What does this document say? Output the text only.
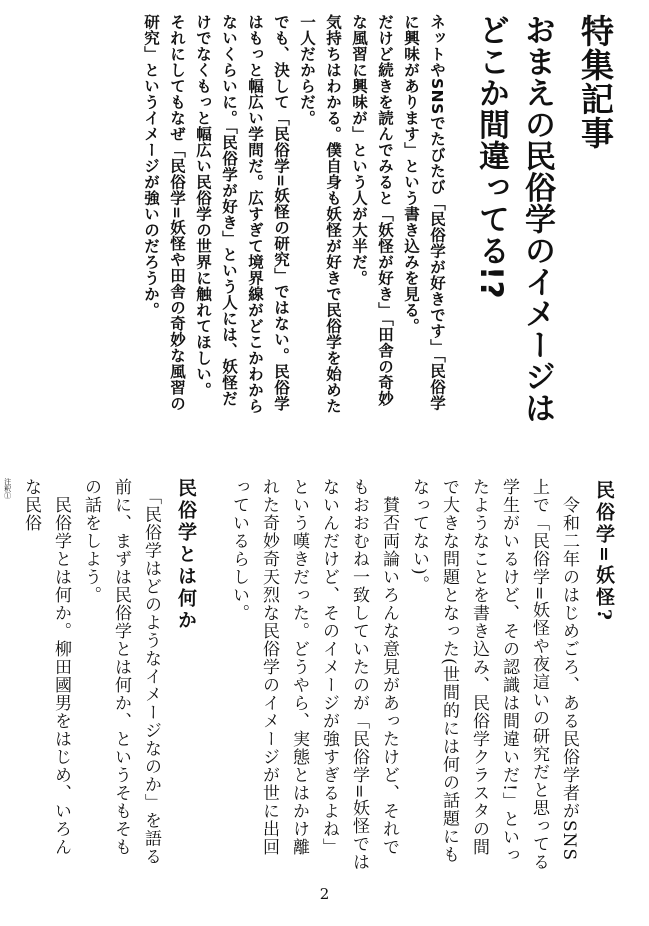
特集記事
おまえの民俗学のイメージはどこか間違ってる!?

ネットやSNSでたびたび「民俗学が好きです」「民俗学に興味があります」という書き込みを見る。

だけど続きを読んでみると「妖怪が好き」「田舎の奇妙な風習に興味が」という人が大半だ。

気持ちはわかる。僕自身も妖怪が好きで民俗学を始めた一人だからだ。

でも、決して「民俗学=妖怪の研究」ではない。民俗学はもっと幅広い学問だ。広すぎて境界線がどこかわからないくらいに。「民俗学が好き」という人には、妖怪だけでなくもっと幅広い民俗学の世界に触れてほしい。

それにしてもなぜ「民俗学=妖怪や田舎の奇妙な風習の研究」というイメージが強いのだろうか。

民俗学=妖怪?

　令和二年のはじめごろ、ある民俗学者がSNS上で「民俗学=妖怪や夜這いの研究だと思ってる学生がいるけど、その認識は間違いだ!」といったようなことを書き込み、民俗学クラスタの間で大きな問題となった(世間的には何の話題にもなってない)。

　賛否両論いろんな意見があったけど、それでもおおむね一致していたのが「民俗学=妖怪ではないんだけど、そのイメージが強すぎるよね」という嘆きだった。どうやら、実態とはかけ離れた奇妙奇天烈な民俗学のイメージが世に出回っているらしい。

民俗学とは何か

　「民俗学はどのようなイメージなのか」を語る前に、まずは民俗学とは何か、というそもそもの話をしよう。

　民俗学とは何か。柳田國男をはじめ、いろんな民俗

$^{注釈①}$
2
